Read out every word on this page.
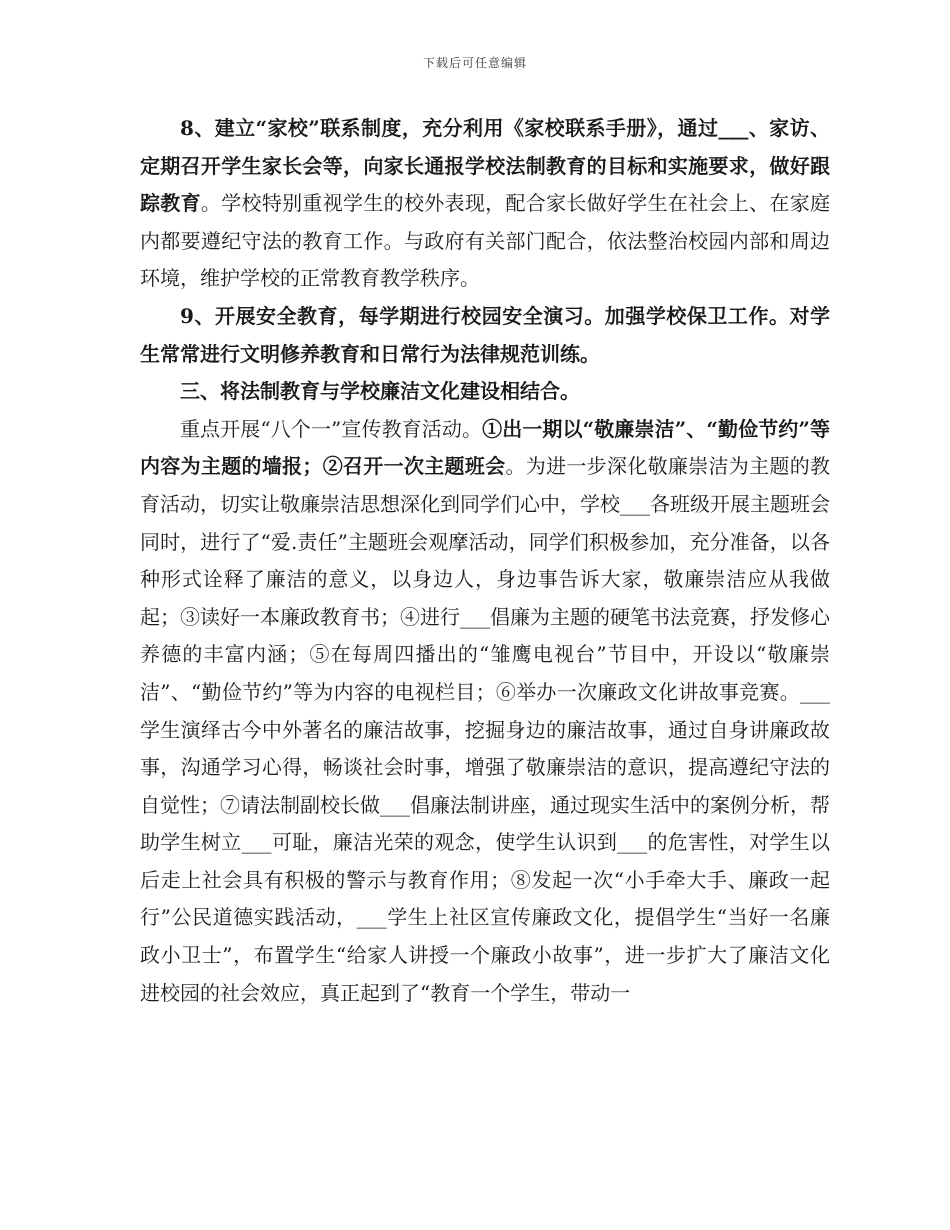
下载后可任意编辑

8、建立“家校”联系制度，充分利用《家校联系手册》，通过___、家访、定期召开学生家长会等，向家长通报学校法制教育的目标和实施要求，做好跟踪教育。学校特别重视学生的校外表现，配合家长做好学生在社会上、在家庭内都要遵纪守法的教育工作。与政府有关部门配合，依法整治校园内部和周边环境，维护学校的正常教育教学秩序。

9、开展安全教育，每学期进行校园安全演习。加强学校保卫工作。对学生常常进行文明修养教育和日常行为法律规范训练。

三、将法制教育与学校廉洁文化建设相结合。

重点开展“八个一”宣传教育活动。①出一期以“敬廉崇洁”、“勤俭节约”等内容为主题的墙报；②召开一次主题班会。为进一步深化敬廉崇洁为主题的教育活动，切实让敬廉崇洁思想深化到同学们心中，学校___各班级开展主题班会同时，进行了“爱.责任”主题班会观摩活动，同学们积极参加，充分准备，以各种形式诠释了廉洁的意义，以身边人，身边事告诉大家，敬廉崇洁应从我做起；③读好一本廉政教育书；④进行___倡廉为主题的硬笔书法竞赛，抒发修心养德的丰富内涵；⑤在每周四播出的“雏鹰电视台”节目中，开设以“敬廉崇洁”、“勤俭节约”等为内容的电视栏目；⑥举办一次廉政文化讲故事竞赛。___学生演绎古今中外著名的廉洁故事，挖掘身边的廉洁故事，通过自身讲廉政故事，沟通学习心得，畅谈社会时事，增强了敬廉崇洁的意识，提高遵纪守法的自觉性；⑦请法制副校长做___倡廉法制讲座，通过现实生活中的案例分析，帮助学生树立___可耻，廉洁光荣的观念，使学生认识到___的危害性，对学生以后走上社会具有积极的警示与教育作用；⑧发起一次“小手牵大手、廉政一起行”公民道德实践活动，___学生上社区宣传廉政文化，提倡学生“当好一名廉政小卫士”，布置学生“给家人讲授一个廉政小故事”，进一步扩大了廉洁文化进校园的社会效应，真正起到了“教育一个学生，带动一
